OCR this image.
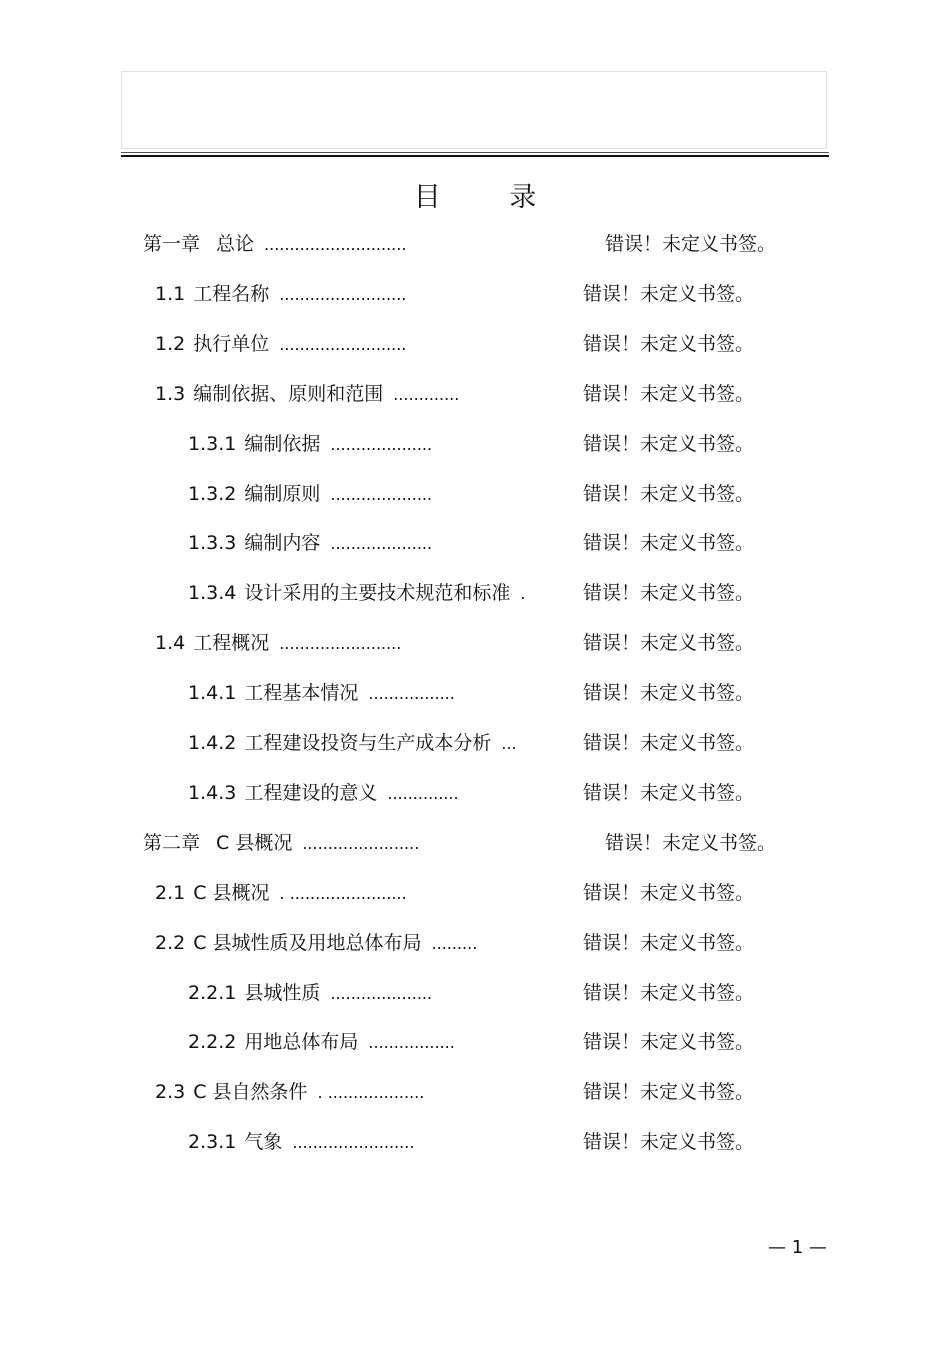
目 录
第一章 总论 ............................	错误！未定义书签。
1.1 工程名称 .........................	错误！未定义书签。
1.2 执行单位 .........................	错误！未定义书签。
1.3 编制依据、原则和范围 .............	错误！未定义书签。
1.3.1 编制依据 ....................	错误！未定义书签。
1.3.2 编制原则 ....................	错误！未定义书签。
1.3.3 编制内容 ....................	错误！未定义书签。
1.3.4 设计采用的主要技术规范和标准 .	错误！未定义书签。
1.4 工程概况 ........................	错误！未定义书签。
1.4.1 工程基本情况 .................	错误！未定义书签。
1.4.2 工程建设投资与生产成本分析 ...	错误！未定义书签。
1.4.3 工程建设的意义 ..............	错误！未定义书签。
第二章 C 县概况 .......................	错误！未定义书签。
2.1 C 县概况 . .......................	错误！未定义书签。
2.2 C 县城性质及用地总体布局 .........	错误！未定义书签。
2.2.1 县城性质 ....................	错误！未定义书签。
2.2.2 用地总体布局 .................	错误！未定义书签。
2.3 C 县自然条件 . ...................	错误！未定义书签。
2.3.1 气象 ........................	错误！未定义书签。
— 1 —
